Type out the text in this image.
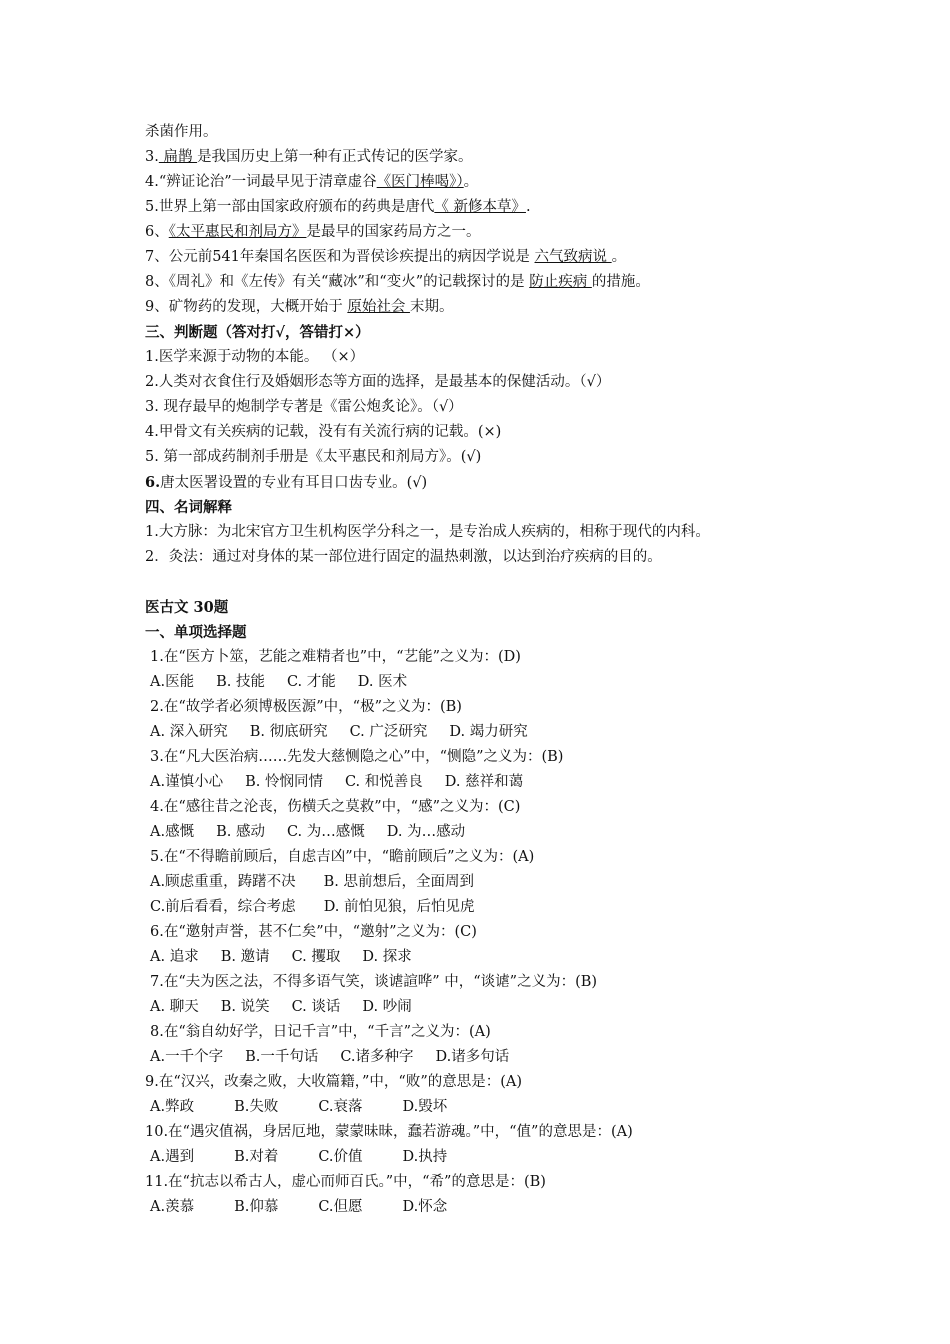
杀菌作用。
3. 扁鹊 是我国历史上第一种有正式传记的医学家。
4.“辨证论治”一词最早见于清章虚谷《医门棒喝》）。
5.世界上第一部由国家政府颁布的药典是唐代《 新修本草》.
6、《太平惠民和剂局方》是最早的国家药局方之一。
7、公元前541年秦国名医医和为晋侯诊疾提出的病因学说是 六气致病说 。
8、《周礼》和《左传》有关“藏冰”和“变火”的记载探讨的是 防止疾病 的措施。
9、矿物药的发现，大概开始于 原始社会 末期。
三、判断题（答对打√，答错打×）
1.医学来源于动物的本能。 （×）
2.人类对衣食住行及婚姻形态等方面的选择，是最基本的保健活动。（√）
3. 现存最早的炮制学专著是《雷公炮炙论》。（√）
4.甲骨文有关疾病的记载，没有有关流行病的记载。(×)
5. 第一部成药制剂手册是《太平惠民和剂局方》。(√)
6.唐太医署设置的专业有耳目口齿专业。(√)
四、名词解释
1.大方脉：为北宋官方卫生机构医学分科之一，是专治成人疾病的，相称于现代的内科。
2．灸法：通过对身体的某一部位进行固定的温热刺激，以达到治疗疾病的目的。
医古文 30题
一、单项选择题
1.在“医方卜筮，艺能之难精者也”中，“艺能”之义为：(D)
A.医能 B. 技能 C. 才能 D. 医术
2.在“故学者必须博极医源”中，“极”之义为：(B)
A. 深入研究 B. 彻底研究 C. 广泛研究 D. 竭力研究
3.在“凡大医治病……先发大慈恻隐之心”中，“恻隐”之义为：(B)
A.谨慎小心 B. 怜悯同情 C. 和悦善良 D. 慈祥和蔼
4.在“感往昔之沦丧，伤横夭之莫救”中，“感”之义为：(C)
A.感慨 B. 感动 C. 为…感慨 D. 为…感动
5.在“不得瞻前顾后，自虑吉凶”中，“瞻前顾后”之义为：(A)
A.顾虑重重，踌躇不决 B. 思前想后，全面周到
C.前后看看，综合考虑 D. 前怕见狼，后怕见虎
6.在“邀射声誉，甚不仁矣”中，“邀射”之义为：(C)
A. 追求 B. 邀请 C. 攫取 D. 探求
7.在“夫为医之法，不得多语气笑，谈谑諠哗” 中，“谈谑”之义为：(B)
A. 聊天 B. 说笑 C. 谈话 D. 吵闹
8.在“翁自幼好学，日记千言”中，“千言”之义为：(A)
A.一千个字 B.一千句话 C.诸多种字 D.诸多句话
9.在“汉兴，改秦之败，大收篇籍，”中，“败”的意思是：(A)
A.弊政	B.失败	C.衰落	D.毁坏
10.在“遇灾值祸，身居厄地，蒙蒙昧昧，蠢若游魂。”中，“值”的意思是：(A)
A.遇到	B.对着	C.价值	D.执持
11.在“抗志以希古人，虚心而师百氏。”中，“希”的意思是：(B)
A.羡慕	B.仰慕	C.但愿	D.怀念
